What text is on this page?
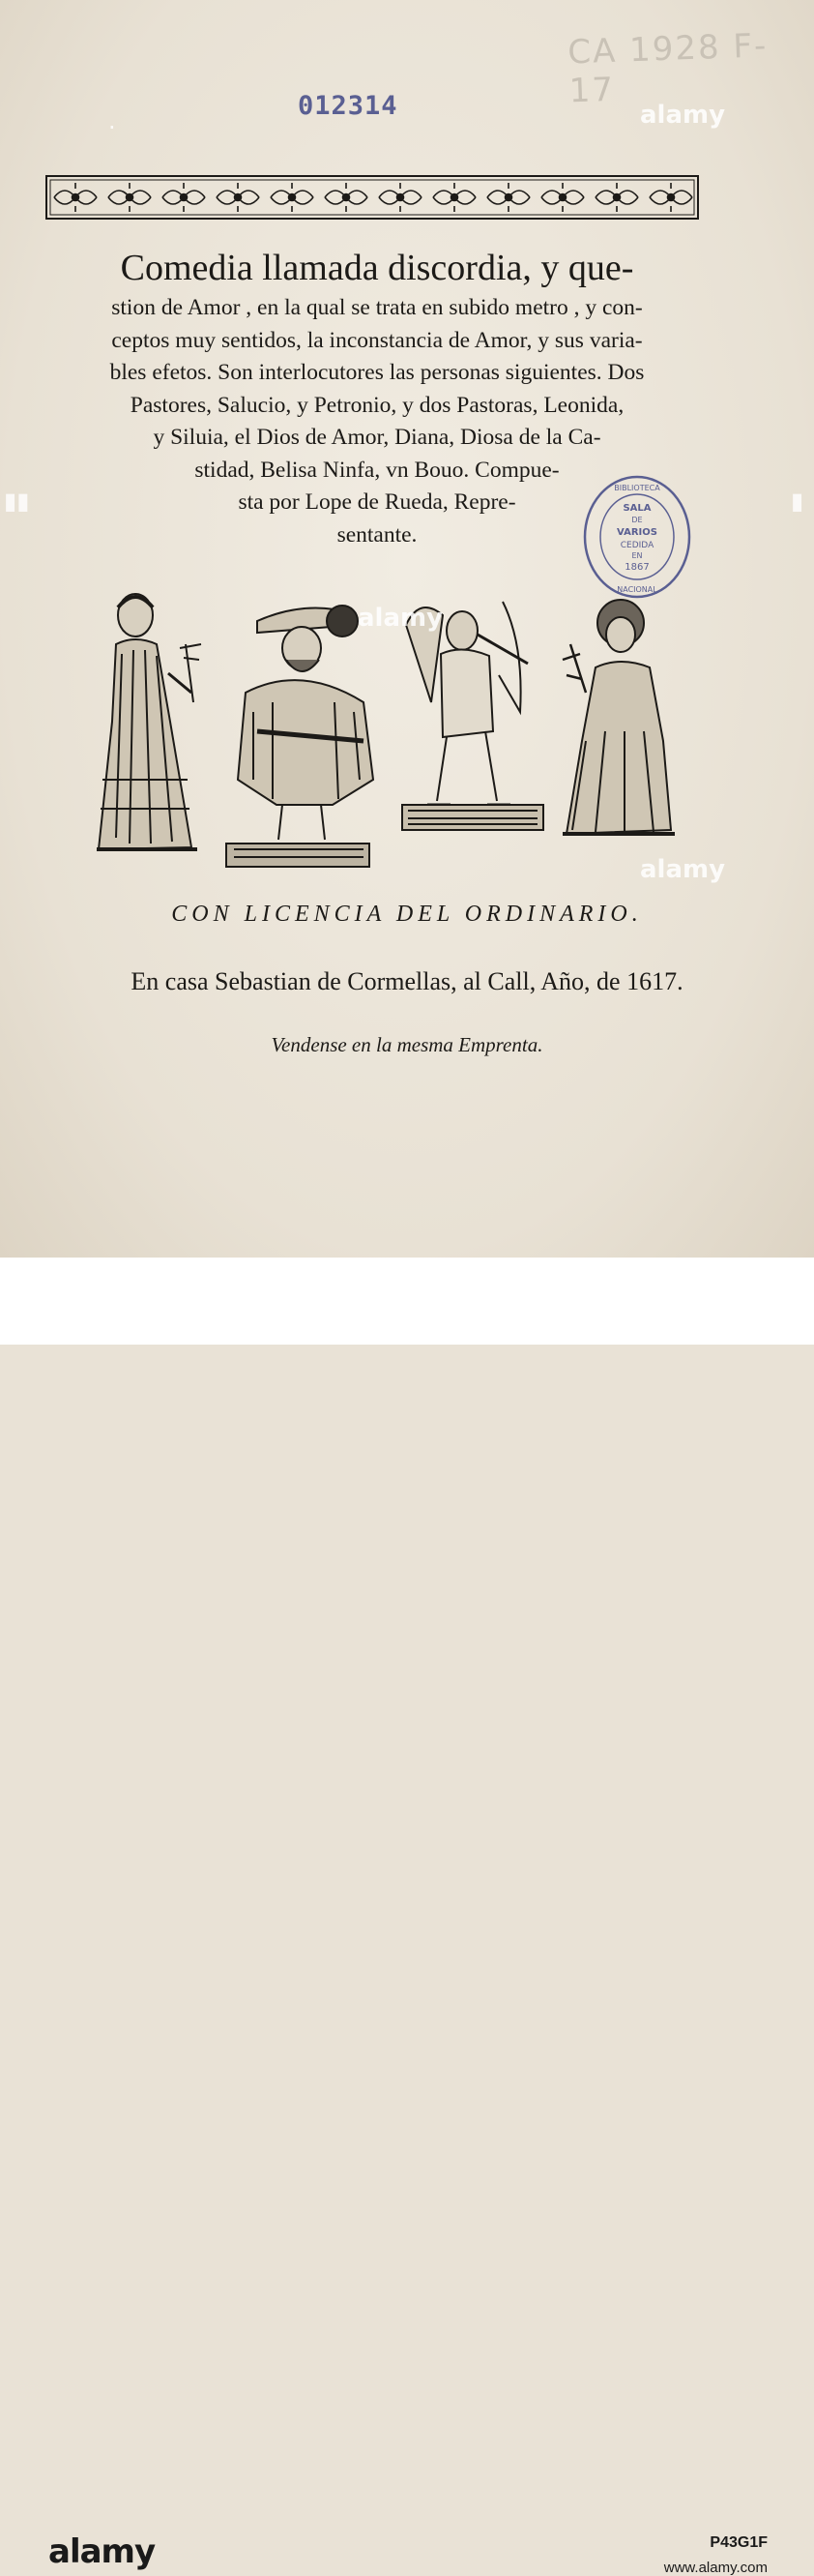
CA 1928 F-17
012314
Comedia llamada discordia, y que-
stion de Amor , en la qual se trata en subido metro , y con-
ceptos muy sentidos, la inconstancia de Amor, y sus varia-
bles efetos. Son interlocutores las personas siguientes. Dos
Pastores, Salucio, y Petronio, y dos Pastoras, Leonida,
y Siluia, el Dios de Amor, Diana, Diosa de la Ca-
stidad, Belisa Ninfa, vn Bouo. Compue-
sta por Lope de Rueda, Repre-
sentante.
BIBLIOTECA
SALA
DE
VARIOS
CEDIDA
EN
1867
NACIONAL
CON LICENCIA DEL ORDINARIO.
En casa Sebastian de Cormellas, al Call, Año, de 1617.
Vendense en la mesma Emprenta.
alamy
alamy
alamy
▮▮	▮
·
alamy	P43G1F
www.alamy.com
